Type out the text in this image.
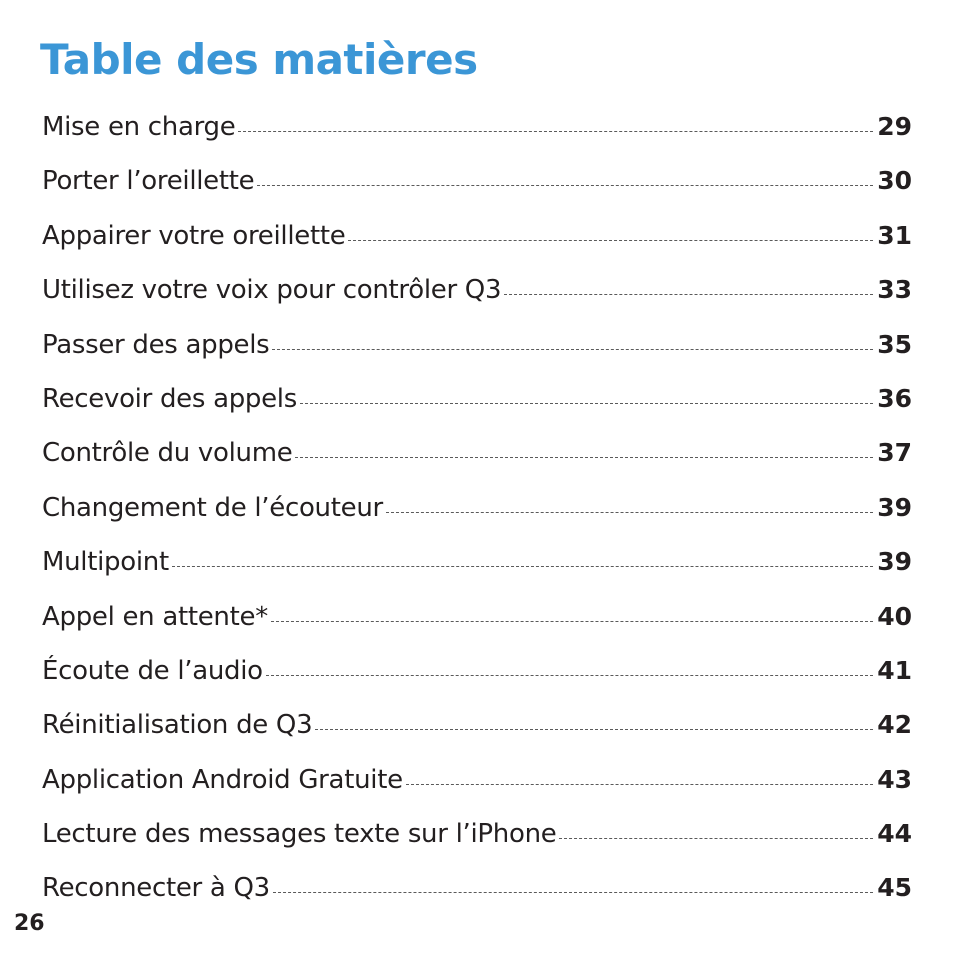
Table des matières
Mise en charge	29
Porter l’oreillette	30
Appairer votre oreillette	31
Utilisez votre voix pour contrôler Q3	33
Passer des appels	35
Recevoir des appels	36
Contrôle du volume	37
Changement de l’écouteur	39
Multipoint	39
Appel en attente*	40
Écoute de l’audio	41
Réinitialisation de Q3	42
Application Android Gratuite	43
Lecture des messages texte sur l’iPhone	44
Reconnecter à Q3	45
26
